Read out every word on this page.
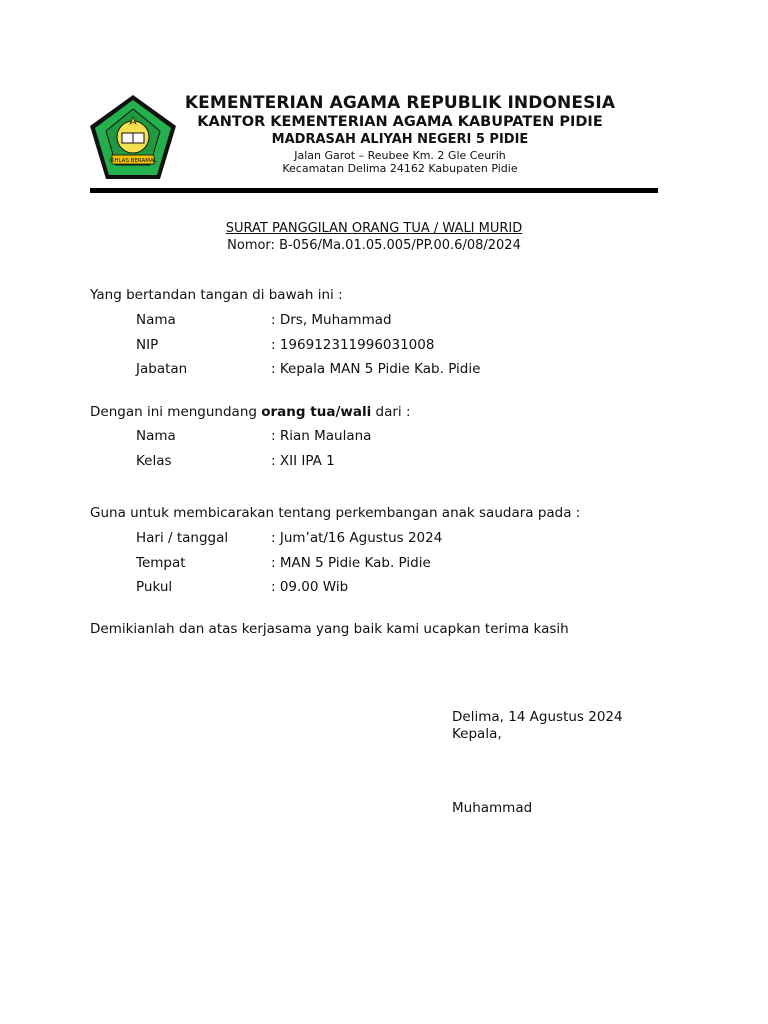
IKHLAS BERAMAL
KEMENTERIAN AGAMA REPUBLIK INDONESIA
KANTOR KEMENTERIAN AGAMA KABUPATEN PIDIE
MADRASAH ALIYAH NEGERI 5 PIDIE
Jalan Garot – Reubee Km. 2 Gle Ceurih
Kecamatan Delima 24162 Kabupaten Pidie
SURAT PANGGILAN ORANG TUA / WALI MURID
Nomor: B-056/Ma.01.05.005/PP.00.6/08/2024
Yang bertandan tangan di bawah ini :
Nama	: Drs, Muhammad
NIP	: 196912311996031008
Jabatan	: Kepala MAN 5 Pidie Kab. Pidie
Dengan ini mengundang orang tua/wali dari :
Nama	: Rian Maulana
Kelas	: XII IPA 1
Guna untuk membicarakan tentang perkembangan anak saudara pada :
Hari / tanggal	: Jum’at/16 Agustus 2024
Tempat	: MAN 5 Pidie Kab. Pidie
Pukul	: 09.00 Wib
Demikianlah dan atas kerjasama yang baik kami ucapkan terima kasih
Delima, 14 Agustus 2024
Kepala,
Muhammad
